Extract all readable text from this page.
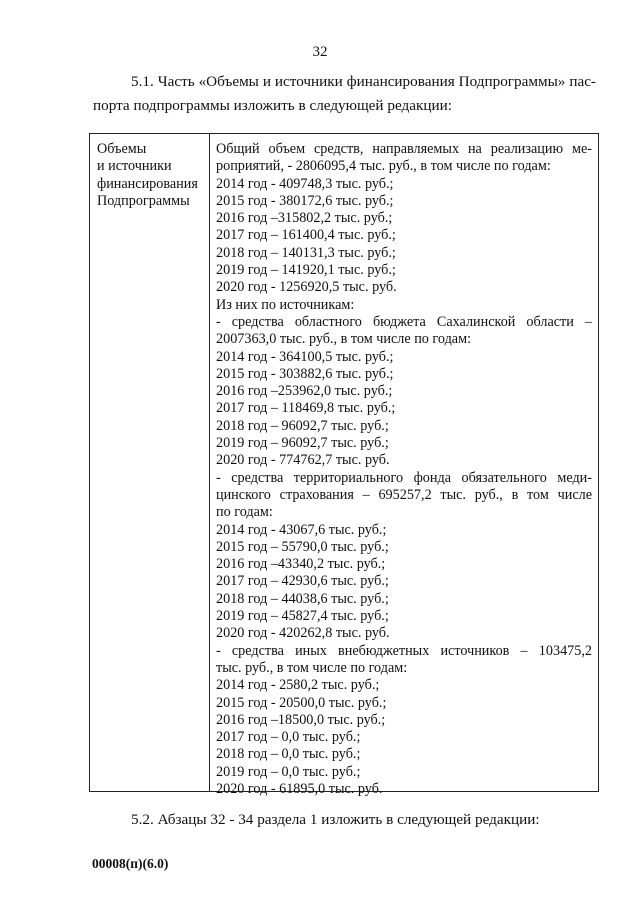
32
5.1. Часть «Объемы и источники финансирования Подпрограммы» пас- порта подпрограммы изложить в следующей редакции:
Объемы
и источники
финансирования
Подпрограммы
Общий объем средств, направляемых на реализацию ме-
роприятий, - 2806095,4 тыс. руб., в том числе по годам:
2014 год - 409748,3 тыс. руб.;
2015 год - 380172,6 тыс. руб.;
2016 год –315802,2 тыс. руб.;
2017 год – 161400,4 тыс. руб.;
2018 год – 140131,3 тыс. руб.;
2019 год – 141920,1 тыс. руб.;
2020 год - 1256920,5 тыс. руб.
Из них по источникам:
- средства областного бюджета Сахалинской области –
2007363,0 тыс. руб., в том числе по годам:
2014 год - 364100,5 тыс. руб.;
2015 год - 303882,6 тыс. руб.;
2016 год –253962,0 тыс. руб.;
2017 год – 118469,8 тыс. руб.;
2018 год – 96092,7 тыс. руб.;
2019 год – 96092,7 тыс. руб.;
2020 год - 774762,7 тыс. руб.
- средства территориального фонда обязательного меди-
цинского страхования – 695257,2 тыс. руб., в том числе
по годам:
2014 год - 43067,6 тыс. руб.;
2015 год – 55790,0 тыс. руб.;
2016 год –43340,2 тыс. руб.;
2017 год – 42930,6 тыс. руб.;
2018 год – 44038,6 тыс. руб.;
2019 год – 45827,4 тыс. руб.;
2020 год - 420262,8 тыс. руб.
- средства иных внебюджетных источников – 103475,2
тыс. руб., в том числе по годам:
2014 год - 2580,2 тыс. руб.;
2015 год - 20500,0 тыс. руб.;
2016 год –18500,0 тыс. руб.;
2017 год – 0,0 тыс. руб.;
2018 год – 0,0 тыс. руб.;
2019 год – 0,0 тыс. руб.;
2020 год - 61895,0 тыс. руб.
5.2. Абзацы 32 - 34 раздела 1 изложить в следующей редакции:
00008(п)(6.0)
